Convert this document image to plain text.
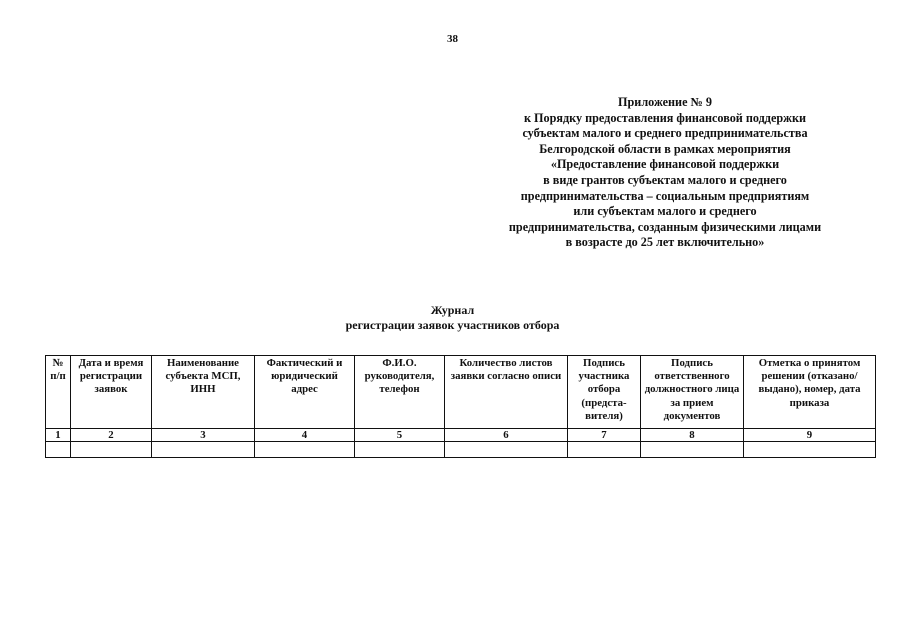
38
Приложение № 9
к Порядку предоставления финансовой поддержки
субъектам малого и среднего предпринимательства
Белгородской области в рамках мероприятия
«Предоставление финансовой поддержки
в виде грантов субъектам малого и среднего
предпринимательства – социальным предприятиям
или субъектам малого и среднего
предпринимательства, созданным физическими лицами
в возрасте до 25 лет включительно»
Журнал
регистрации заявок участников отбора
№ п/п	Дата и время регистрации заявок	Наименование субъекта МСП, ИНН	Фактический и юридический адрес	Ф.И.О. руководителя, телефон	Количество листов заявки согласно описи	Подпись участника отбора (предста-вителя)	Подпись ответственного должностного лица за прием документов	Отметка о принятом решении (отказано/выдано), номер, дата приказа
1	2	3	4	5	6	7	8	9
